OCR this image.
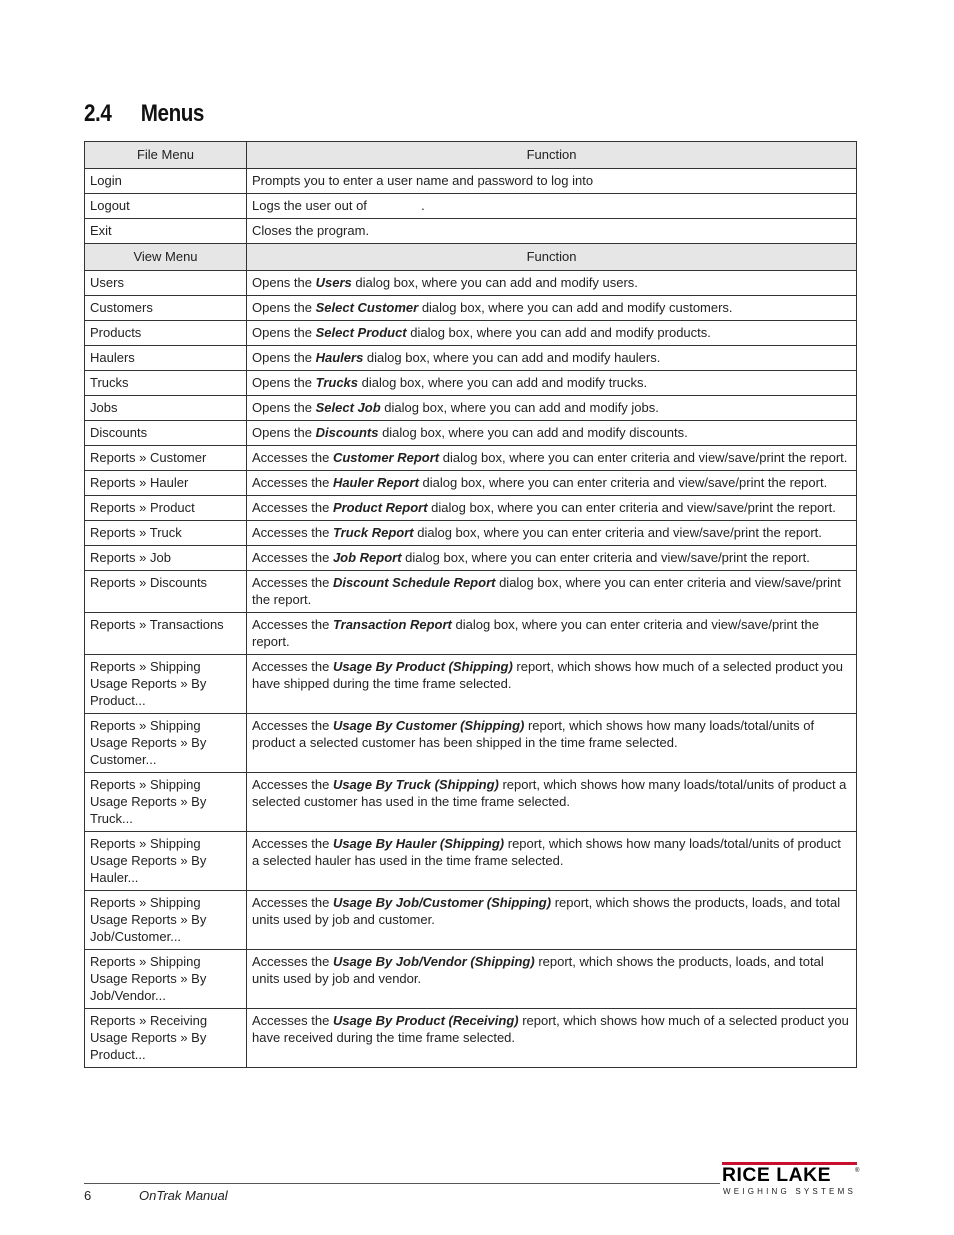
2.4 Menus
File Menu	Function
Login	Prompts you to enter a user name and password to log into
Logout	Logs the user out of               .
Exit	Closes the program.
View Menu	Function
Users	Opens the Users dialog box, where you can add and modify users.
Customers	Opens the Select Customer dialog box, where you can add and modify customers.
Products	Opens the Select Product dialog box, where you can add and modify products.
Haulers	Opens the Haulers dialog box, where you can add and modify haulers.
Trucks	Opens the Trucks dialog box, where you can add and modify trucks.
Jobs	Opens the Select Job dialog box, where you can add and modify jobs.
Discounts	Opens the Discounts dialog box, where you can add and modify discounts.
Reports » Customer	Accesses the Customer Report dialog box, where you can enter criteria and view/save/print the report.
Reports » Hauler	Accesses the Hauler Report dialog box, where you can enter criteria and view/save/print the report.
Reports » Product	Accesses the Product Report dialog box, where you can enter criteria and view/save/print the report.
Reports » Truck	Accesses the Truck Report dialog box, where you can enter criteria and view/save/print the report.
Reports » Job	Accesses the Job Report dialog box, where you can enter criteria and view/save/print the report.
Reports » Discounts	Accesses the Discount Schedule Report dialog box, where you can enter criteria and view/save/print the report.
Reports » Transactions	Accesses the Transaction Report dialog box, where you can enter criteria and view/save/print the report.
Reports » Shipping Usage Reports » By Product...	Accesses the Usage By Product (Shipping) report, which shows how much of a selected product you have shipped during the time frame selected.
Reports » Shipping Usage Reports » By Customer...	Accesses the Usage By Customer (Shipping) report, which shows how many loads/total/units of product a selected customer has been shipped in the time frame selected.
Reports » Shipping Usage Reports » By Truck...	Accesses the Usage By Truck (Shipping) report, which shows how many loads/total/units of product a selected customer has used in the time frame selected.
Reports » Shipping Usage Reports » By Hauler...	Accesses the Usage By Hauler (Shipping) report, which shows how many loads/total/units of product a selected hauler has used in the time frame selected.
Reports » Shipping Usage Reports » By Job/Customer...	Accesses the Usage By Job/Customer (Shipping) report, which shows the products, loads, and total units used by job and customer.
Reports » Shipping Usage Reports » By Job/Vendor...	Accesses the Usage By Job/Vendor (Shipping) report, which shows the products, loads, and total units used by job and vendor.
Reports » Receiving Usage Reports » By Product...	Accesses the Usage By Product (Receiving) report, which shows how much of a selected product you have received during the time frame selected.
6	OnTrak Manual
RICE LAKE	®
WEIGHING SYSTEMS
